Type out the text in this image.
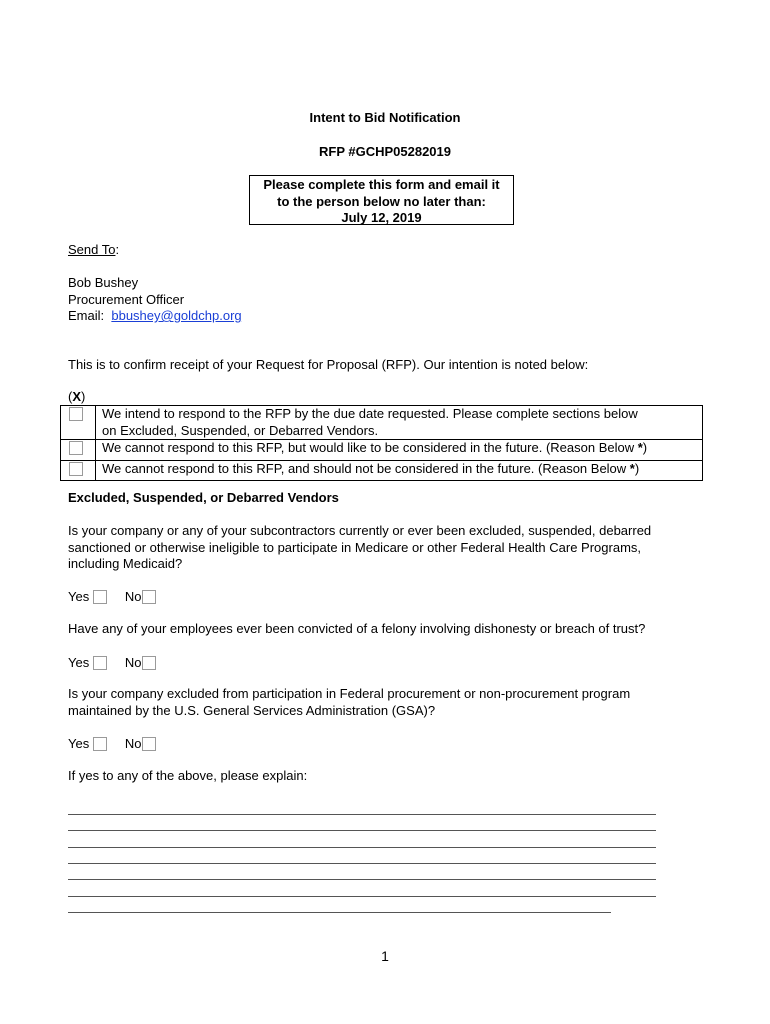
Intent to Bid Notification
RFP #GCHP05282019
Please complete this form and email it
to the person below no later than:
July 12, 2019
Send To:
Bob Bushey
Procurement Officer
Email: bbushey@goldchp.org
This is to confirm receipt of your Request for Proposal (RFP). Our intention is noted below:
(X)

	We intend to respond to the RFP by the due date requested. Please complete sections below
on Excluded, Suspended, or Debarred Vendors.

	We cannot respond to this RFP, but would like to be considered in the future. (Reason Below *)
	We cannot respond to this RFP, and should not be considered in the future. (Reason Below *)
Excluded, Suspended, or Debarred Vendors
Is your company or any of your subcontractors currently or ever been excluded, suspended, debarred
sanctioned or otherwise ineligible to participate in Medicare or other Federal Health Care Programs,
including Medicaid?
Yes	No
Have any of your employees ever been convicted of a felony involving dishonesty or breach of trust?
Yes	No
Is your company excluded from participation in Federal procurement or non-procurement program
maintained by the U.S. General Services Administration (GSA)?
Yes	No
If yes to any of the above, please explain:
1
